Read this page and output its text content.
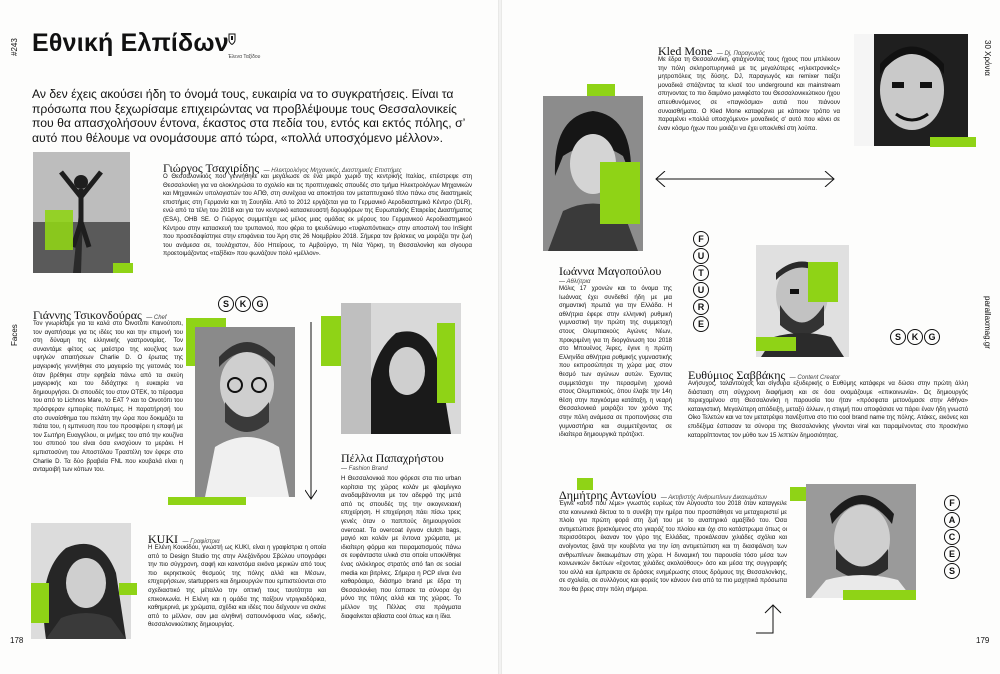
#243 Εθνική Ελπίδων Έλενα Ταξίδου
Αν δεν έχεις ακούσει ήδη το όνομά τους, ευκαιρία να το συγκρατήσεις. Είναι τα πρόσωπα που ξεχωρίσαμε επιχειρώντας να προβλέψουμε τους Θεσσαλονικείς που θα απασχολήσουν έντονα, έκαστος στα πεδία του, εντός και εκτός πόλης, σ’ αυτό που θέλουμε να ονομάσουμε από τώρα, «πολλά υποσχόμενο μέλλον».
Γιώργος Τσαχιρίδης — Ηλεκτρολόγος Μηχανικός, Διαστημικές Επιστήμες

Ο Θεσσαλονικιός που γεννήθηκε και μεγάλωσε σε ένα μικρό χωριό της κεντρικής Ιταλίας, επέστρεψε στη Θεσσαλονίκη για να ολοκληρώσει το σχολείο και τις προπτυχιακές σπουδές στο τμήμα Ηλεκτρολόγων Μηχανικών και Μηχανικών υπολογιστών του ΑΠΘ, στη συνέχεια να αποκτήσει τον μεταπτυχιακό τίτλο πάνω στις διαστημικές επιστήμες στη Γερμανία και τη Σουηδία. Από το 2012 εργάζεται για το Γερμανικό Αεροδιαστημικό Κέντρο (DLR), ενώ από τα τέλη του 2018 και για τον κεντρικό κατασκευαστή δορυφόρων της Ευρωπαϊκής Εταιρείας Διαστήματος (ESA), OHB SE. Ο Γιώργος συμμετέχει ως μέλος μιας ομάδας εκ μέρους του Γερμανικού Αεροδιαστημικού Κέντρου στην κατασκευή του τρυπανιού, που φέρει το ψευδώνυμο «τυφλοπόντικας» στην αποστολή του InSight που προσεδαφίστηκε στην επιφάνεια του Άρη στις 26 Νοεμβρίου 2018. Σήμερα τον βρίσκεις να μοιράζει την ζωή του ανάμεσα σε, τουλάχιστον, δύο Ηπείρους, το Αμβούργο, τη Νέα Υόρκη, τη Θεσσαλονίκη και σίγουρα προετοιμάζοντας «ταξίδια» που φωνάζουν πολύ «μέλλον».

Γιάννης Τσικονδούρας — Chef

Τον γνωρίσαμε για τα καλά στο Οινοτόπι Καινούτοπι, τον αγαπήσαμε για τις ιδέες του και την επιμονή του στη δύναμη της ελληνικής γαστρονομίας. Τον συναντάμε φέτος ως μαέστρο της κουζίνας των υψηλών απαιτήσεων Charlie D. Ο έρωτας της μαγειρικής γεννήθηκε στο μαγειρείο της γειτονιάς του όταν βρέθηκε στην εφηβεία πάνω από τα σκεύη μαγειρικής και του διδάχτηκε η ευκαιρία να δημιουργήσει. Οι σπουδές του στον ΟΤΕΚ, το πέρασμα του από το Lichnos Mare, το EAT ? και το Οινοτόπι του πρόσφεραν εμπειρίες πολύτιμες. Η παρατήρησή του στο συναίσθημα του πελάτη την ώρα που δοκιμάζει τα πιάτα του, η εμπνευση που του προσφέρει η επαφή με τον Σωτήρη Ευαγγέλου, οι μνήμες του από την κουζίνα του σπιτιού του είναι όσα ενισχύουν το μεράκι. Η εμπιστοσύνη του Αποστόλου Τραστέλη τον έφερε στο Charlie D. Τα δύο βραβεία FNL που κουβαλά είναι η ανταμοιβή των κόπων του.

S	K	G
Πέλλα Παπαχρήστου
— Fashion Brand

Η Θεσσαλονικιά που φόρεσε στα πιο urban κορίτσια της χώρας κολάν με φλαμίνγκο αναδαμβάνονται με τον αδερφό της μετά από τις σπουδές της την οικογενειακή επιχείρηση. Η επιχείρηση πάει πίσω τρεις γενιές όταν ο παππούς δημιουργούσε overcoat. Τα overcoat έγιναν clutch bags, μαγιό και κολάν με έντονα χρώματα, με ιδιαίτερη φόρμα και πειραματισμούς πάνω σε ευφάνταστα υλικά στα οποία υποκλίθηκε ένας ολόκληρος στρατός από fan σε social media και βιτρίνες. Σήμερα η PCP είναι ένα καθαρόαιμο, διάσημο brand με έδρα τη Θεσσαλονίκη που έσπασε τα σύνορα όχι μόνο της πόλης αλλά και της χώρας. Το μέλλον της Πέλλας στα πράγματα διαφαίνεται αβίαστα cool όπως και η ίδια.

KUKI — Γραφίστρια

Η Ελένη Κουκίδου, γνωστή ως KUKI, είναι η γραφίστρια η οποία από το Design Studio της στην Αλεξάνδρου Σβώλου υπογράφει την πιο σύγχρονη, σαφή και καινοτόμα εικόνα μερικών από τους πιο εκρηκτικούς θεσμούς της πόλης αλλά και Μέσων, επιχειρήσεων, startuppers και δημιουργών που εμπιστεύονται στο σχεδιαστικό της μέταλλο την οπτική τους ταυτότητα και επικοινωνία. Η Ελένη και η ομάδα της παίζουν ντριγκαδόρικα, καθημερινά, με χρώματα, σχέδια και ιδέες που δείχνουν να σκάνε από το μέλλον, σαν μια αληθινή σαπουνόφυσα νέας, ειδικής, θεσσαλονικιώτικης δημιουργίας.

Faces
178
Ιωάννα Μαγοπούλου
— Αθλήτρια

Μόλις 17 χρονών και το όνομα της Ιωάννας έχει συνδεθεί ήδη με μια σημαντική πρωτιά για την Ελλάδα. Η αθλήτρια έφερε στην ελληνική ρυθμική γυμναστική την πρώτη της συμμετοχή στους Ολυμπιακούς Αγώνες Νέων, προκριμένη για τη διοργάνωση του 2018 στο Μπουένος Άιρες, έγινε η πρώτη Ελληνίδα αθλήτρια ρυθμικής γυμναστικής που εκπροσώπησε τη χώρα μας στον θεσμό των αγώνων αυτών. Έχοντας συμμετάσχει την περασμένη χρονιά στους Ολυμπιακούς, όπου έλαβε την 14η θέση στην παγκόσμια κατάταξη, η νεαρή Θεσσαλονικιά μοιράζει τον χρόνο της στην πόλη ανάμεσα σε προπονήσεις στα γυμναστήρια και συμμετέχοντας σε ιδιαίτερα δημιουργικά πρότζεκτ.

Kled Mone — Dj, Παραγωγός

Με έδρα τη Θεσσαλονίκη, φτιάχνοντας τους ήχους που μπλέκουν την πόλη σκληροπυρηνικά με τις μεγαλύτερες «ηλεκτρονικές» μητροπόλεις της δύσης. DJ, παραγωγός και remixer παίζει μοναδικά σπάζοντας τα κλισέ του underground και mainstream σπηνοντας το πιο δαιμόνιο μανιφέστο του Θεσσαλονικιώτικου ήχου απευθυνόμενος σε «παγκόσμια» αυτιά που πιάνουν συναισθήματα. Ο Kled Mone καταφέρνει με κάποιον τρόπο να παραμένει «πολλά υποσχόμενο» μοναδικός σ’ αυτό που κάνει σε έναν κόσμο ήχων που μοιάζει να έχει υποκλιθεί στη λούπα.

F
U
T
U
R
E
S	K	G
Ευθύμιος Σαββάκης — Content Creator

Ανήσυχος, ταλαντούχος και σίγουρα εξυδερικής ο Ευθύμης κατάφερε να δώσει στην πρώτη άλλη διάσταση στη σύγχρονη διαφήμιση και σε όσα ονομάζουμε «επικοινωνία». Ως δημιουργός περιεχομένου στη Θεσσαλονίκη η παρουσία του ήταν «πρόσφατα μετονόμασε στην Αθήνα» καταιγιστική. Μεγαλύτερη απόδειξη, μεταξύ άλλων, η στιγμή που αποφάσισε να πάρει έναν ήδη γνωστό Οίκο Τελετών και να τον μετατρέψει πανέξυπνα στο πιο cool brand name της πόλης. Ατάκες, εικόνες και επιδέξιμα έσπασαν τα σύνορα της Θεσσαλονίκης γίνονται viral και παραμένοντας στο προσκήνιο καταρρίπτοντας τον μύθο των 15 λεπτών δημοσιότητας.

Δημήτρης Αντωνίου — Ακτιβιστής Ανθρωπίνων Δικαιωμάτων

Έγινε «αυτό που λέμε» γνωστός ευρέως τον Αύγουστο του 2018 όταν καταγγειλε στα κοινωνικά δίκτυα το τι συνέβη την ημέρα που προσπάθησε να μεταχειριστεί με πλοίο για πρώτη φορά στη ζωή του με το αναπηρικό αμαξίδιό του. Όσα αντιμετώπισε βρισκόμενος στο γκαράζ του πλοίου και όχι στο κατάστρωμα όπως οι περισσότεροι, έκαναν τον γύρο της Ελλάδας, προκάλεσαν χιλιάδες σχόλια και ανοίγοντας ξανά την κουβέντα για την ίση αντιμετώπιση και τη διασφάλιση των ανθρωπίνων δικαιωμάτων στη χώρα. Η δυναμική του παρουσία τόσο μέσα των κοινωνικών δικτύων «έχοντας χιλιάδες ακολούθους» όσο και μέσα της συγγραφής του αλλά και έμπρακτα σε δράσεις ενημέρωσης στους δρόμους της Θεσσαλονίκης, σε σχολεία, σε συλλόγους και φορείς τον κάνουν ένα από τα πιο μαχητικά πρόσωπα που θα βρεις στην πόλη σήμερα.

F
A
C
E
S
30 Χρόνια
parallaxmag.gr
179
